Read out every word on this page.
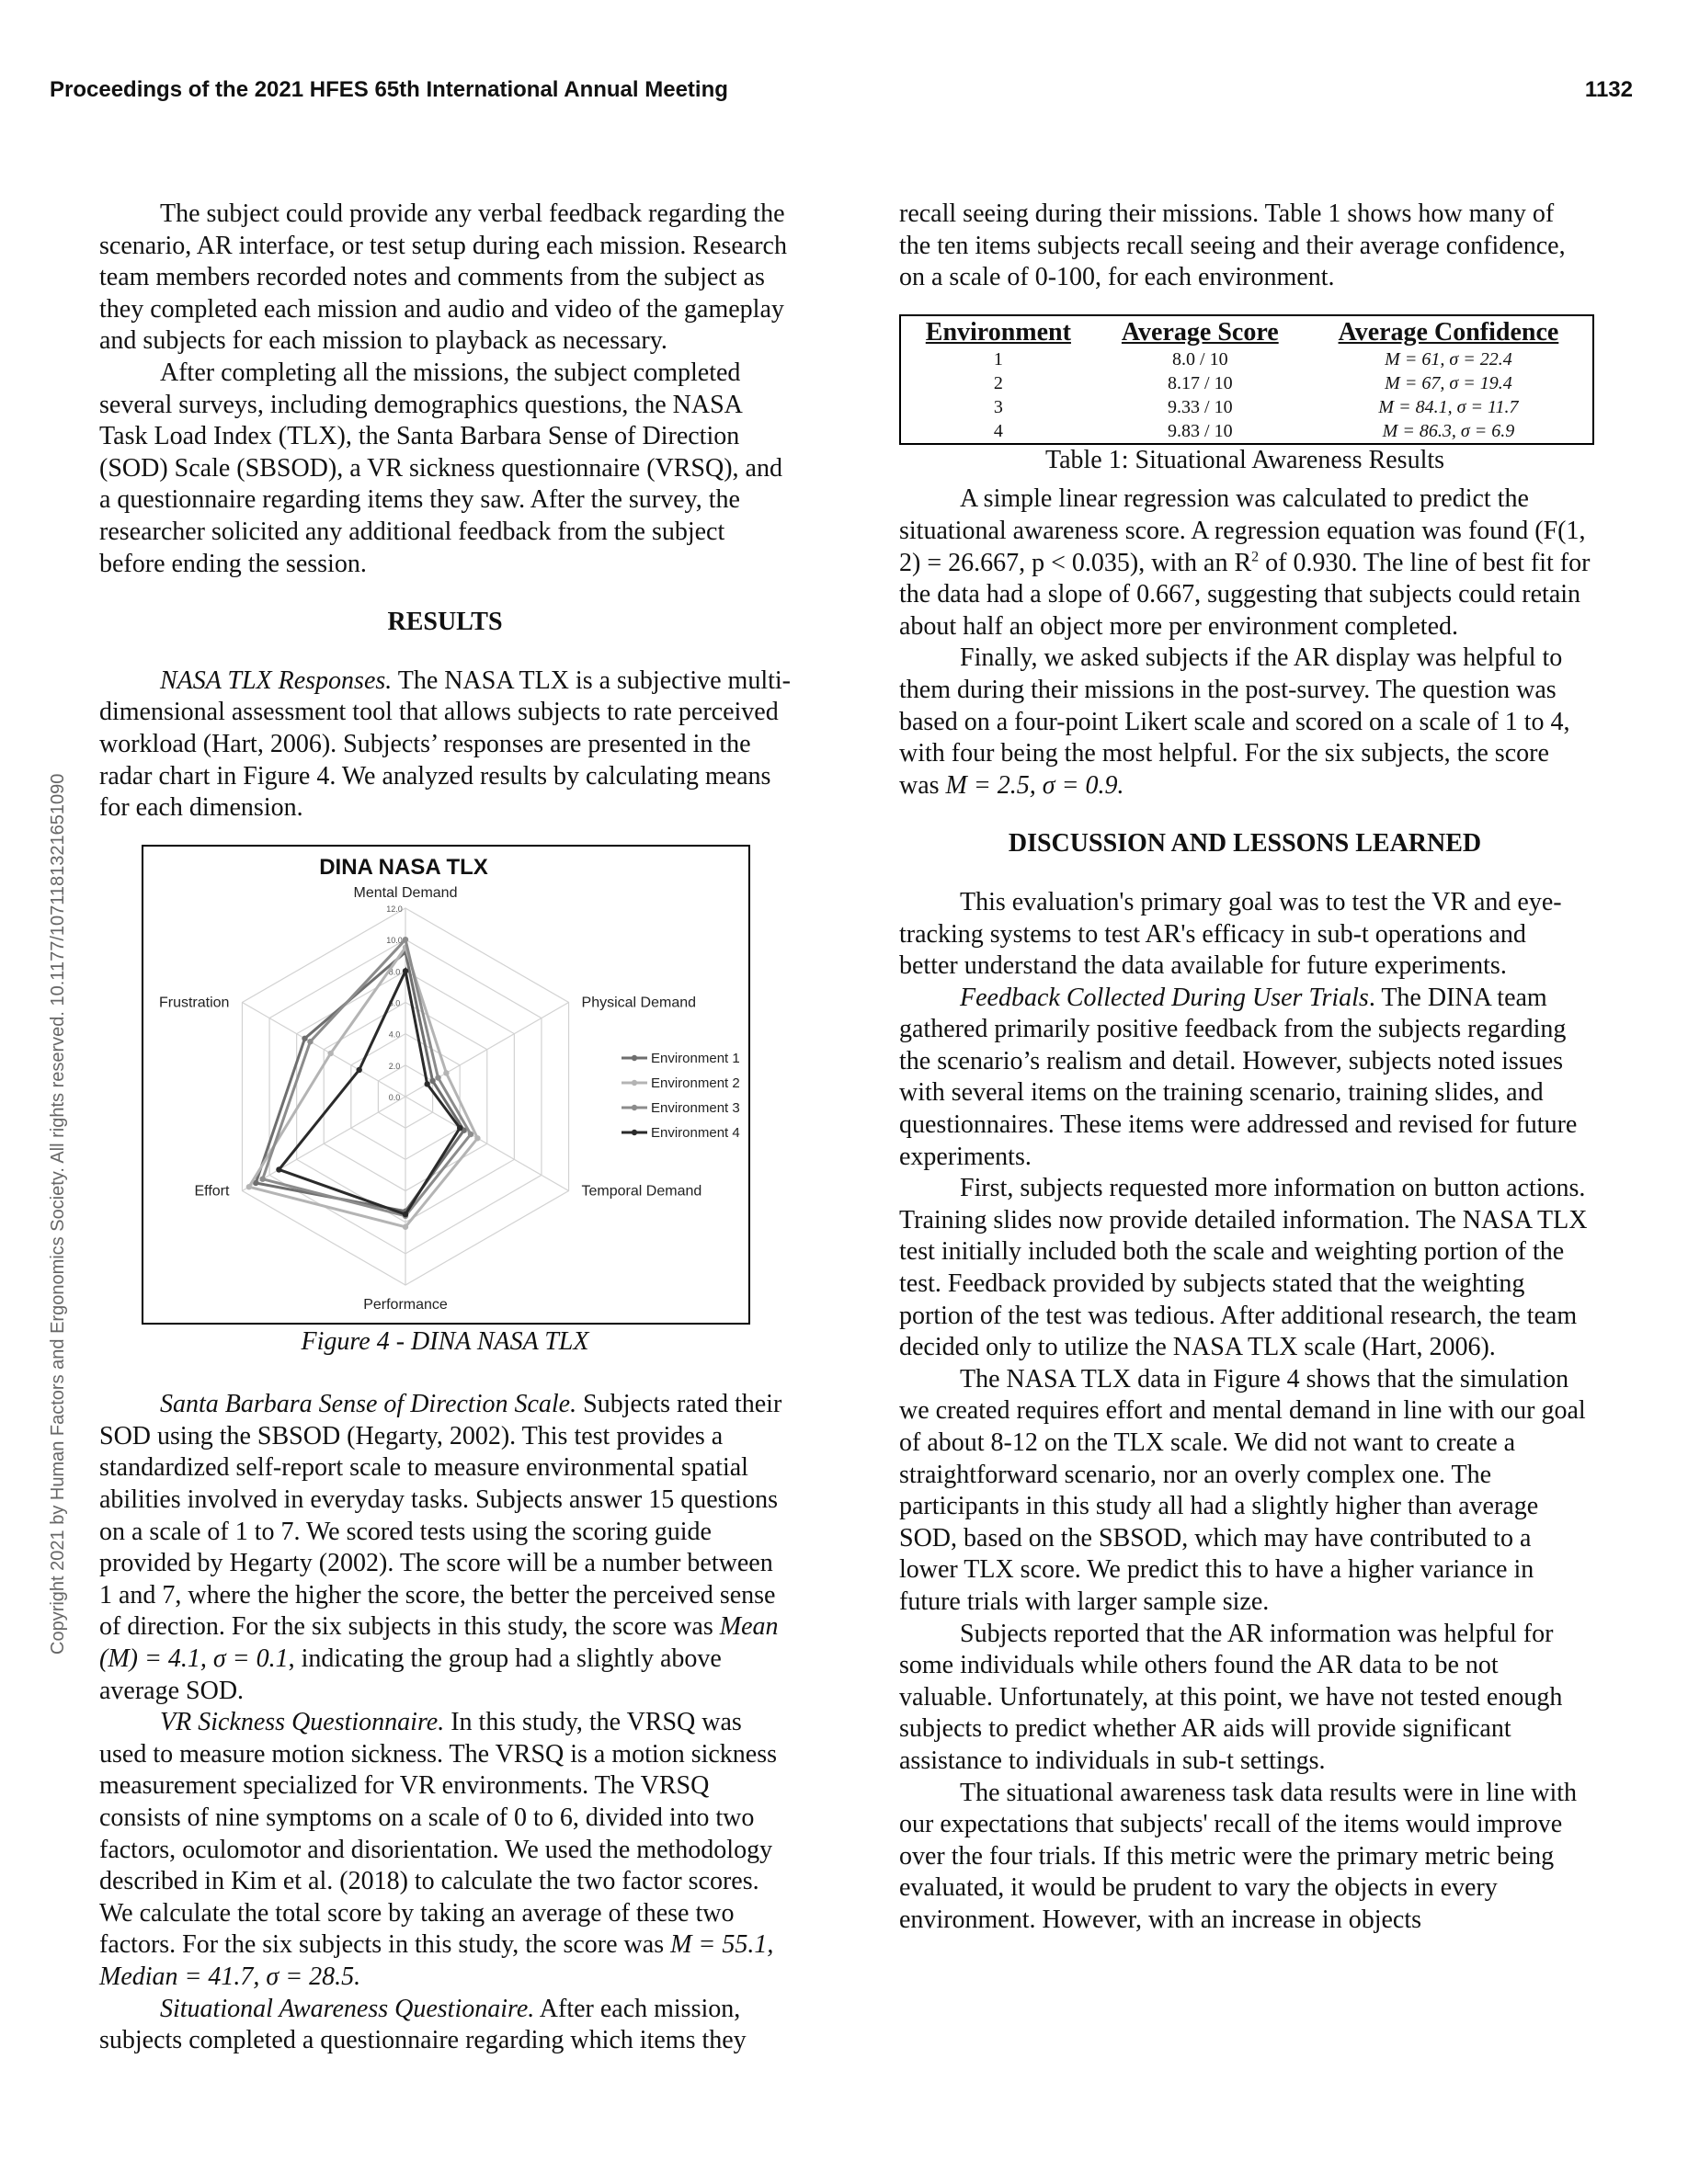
Proceedings of the 2021 HFES 65th International Annual Meeting	1132
Copyright 2021 by Human Factors and Ergonomics Society. All rights reserved. 10.1177/1071181321651090

The subject could provide any verbal feedback regarding the scenario, AR interface, or test setup during each mission. Research team members recorded notes and comments from the subject as they completed each mission and audio and video of the gameplay and subjects for each mission to playback as necessary.

After completing all the missions, the subject completed several surveys, including demographics questions, the NASA Task Load Index (TLX), the Santa Barbara Sense of Direction (SOD) Scale (SBSOD), a VR sickness questionnaire (VRSQ), and a questionnaire regarding items they saw. After the survey, the researcher solicited any additional feedback from the subject before ending the session.

RESULTS

NASA TLX Responses. The NASA TLX is a subjective multi-dimensional assessment tool that allows subjects to rate perceived workload (Hart, 2006). Subjects’ responses are presented in the radar chart in Figure 4. We analyzed results by calculating means for each dimension.

DINA NASA TLX
0.0
2.0
4.0
6.0
8.0
10.0
12.0
Mental Demand
Physical Demand
Temporal Demand
Performance
Effort
Frustration
Environment 1
Environment 2
Environment 3
Environment 4

Figure 4 - DINA NASA TLX

Santa Barbara Sense of Direction Scale. Subjects rated their SOD using the SBSOD (Hegarty, 2002). This test provides a standardized self-report scale to measure environmental spatial abilities involved in everyday tasks. Subjects answer 15 questions on a scale of 1 to 7. We scored tests using the scoring guide provided by Hegarty (2002). The score will be a number between 1 and 7, where the higher the score, the better the perceived sense of direction. For the six subjects in this study, the score was Mean (M) = 4.1, σ = 0.1, indicating the group had a slightly above average SOD.

VR Sickness Questionnaire. In this study, the VRSQ was used to measure motion sickness. The VRSQ is a motion sickness measurement specialized for VR environments. The VRSQ consists of nine symptoms on a scale of 0 to 6, divided into two factors, oculomotor and disorientation. We used the methodology described in Kim et al. (2018) to calculate the two factor scores. We calculate the total score by taking an average of these two factors. For the six subjects in this study, the score was M = 55.1, Median = 41.7, σ = 28.5.

Situational Awareness Questionaire. After each mission, subjects completed a questionnaire regarding which items they

recall seeing during their missions. Table 1 shows how many of the ten items subjects recall seeing and their average confidence, on a scale of 0-100, for each environment.

Environment	Average Score	Average Confidence
1	8.0 / 10	M = 61, σ = 22.4
2	8.17 / 10	M = 67, σ = 19.4
3	9.33 / 10	M = 84.1, σ = 11.7
4	9.83 / 10	M = 86.3, σ = 6.9

Table 1: Situational Awareness Results

A simple linear regression was calculated to predict the situational awareness score. A regression equation was found (F(1, 2) = 26.667, p < 0.035), with an $R^2$ of 0.930. The line of best fit for the data had a slope of 0.667, suggesting that subjects could retain about half an object more per environment completed.

Finally, we asked subjects if the AR display was helpful to them during their missions in the post-survey. The question was based on a four-point Likert scale and scored on a scale of 1 to 4, with four being the most helpful. For the six subjects, the score was M = 2.5, σ = 0.9.

DISCUSSION AND LESSONS LEARNED

This evaluation's primary goal was to test the VR and eye-tracking systems to test AR's efficacy in sub-t operations and better understand the data available for future experiments.

Feedback Collected During User Trials. The DINA team gathered primarily positive feedback from the subjects regarding the scenario’s realism and detail. However, subjects noted issues with several items on the training scenario, training slides, and questionnaires. These items were addressed and revised for future experiments.

First, subjects requested more information on button actions. Training slides now provide detailed information. The NASA TLX test initially included both the scale and weighting portion of the test. Feedback provided by subjects stated that the weighting portion of the test was tedious. After additional research, the team decided only to utilize the NASA TLX scale (Hart, 2006).

The NASA TLX data in Figure 4 shows that the simulation we created requires effort and mental demand in line with our goal of about 8-12 on the TLX scale. We did not want to create a straightforward scenario, nor an overly complex one. The participants in this study all had a slightly higher than average SOD, based on the SBSOD, which may have contributed to a lower TLX score. We predict this to have a higher variance in future trials with larger sample size.

Subjects reported that the AR information was helpful for some individuals while others found the AR data to be not valuable. Unfortunately, at this point, we have not tested enough subjects to predict whether AR aids will provide significant assistance to individuals in sub-t settings.

The situational awareness task data results were in line with our expectations that subjects' recall of the items would improve over the four trials. If this metric were the primary metric being evaluated, it would be prudent to vary the objects in every environment. However, with an increase in objects
